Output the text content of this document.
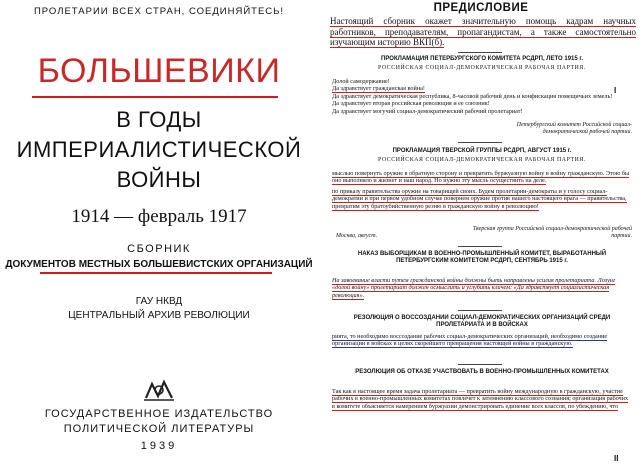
ПРОЛЕТАРИИ ВСЕХ СТРАН, СОЕДИНЯЙТЕСЬ!
БОЛЬШЕВИКИ
В ГОДЫ
ИМПЕРИАЛИСТИЧЕСКОЙ
ВОЙНЫ
1914 — февраль 1917
СБОРНИК
ДОКУМЕНТОВ МЕСТНЫХ БОЛЬШЕВИСТСКИХ ОРГАНИЗАЦИЙ
ГАУ НКВД
ЦЕНТРАЛЬНЫЙ АРХИВ РЕВОЛЮЦИИ
ГОСУДАРСТВЕННОЕ ИЗДАТЕЛЬСТВО
ПОЛИТИЧЕСКОЙ ЛИТЕРАТУРЫ
1939
ПРЕДИСЛОВИЕ
Настоящий сборник окажет значительную помощь кадрам научных работников, преподавателям, пропагандистам, а также самостоятельно изучающим историю ВКП(б).
ПРОКЛАМАЦИЯ ПЕТЕРБУРГСКОГО КОМИТЕТА РСДРП, ЛЕТО 1915 г.
РОССИЙСКАЯ СОЦИАЛ-ДЕМОКРАТИЧЕСКАЯ РАБОЧАЯ ПАРТИЯ.
Долой самодержавие!
Да здравствует гражданская война!
Да здравствует демократическая республика, 8-часовой рабочий день и конфискация помещичьих земель!
Да здравствует вторая российская революция и ее союзник!
Да здравствует могучий социал-демократический рабочий пролетариат!
Петербургский комитет Российской социал-демократической рабочей партии.
I
ПРОКЛАМАЦИЯ ТВЕРСКОЙ ГРУППЫ РСДРП, АВГУСТ 1915 г.
РОССИЙСКАЯ СОЦИАЛ-ДЕМОКРАТИЧЕСКАЯ РАБОЧАЯ ПАРТИЯ.
мыслью повернуть оружие в обратную сторону и превратить буржуазную войну в войну гражданскую. Этою бы оно выполняло и жизнет и наш народ. Но нужно эту мысль осуществить на деле.
по приказу правительства оружие на товарищей своих. Будем пролетарии-демократы и у голосу социал-демократии и при первом удобном случае повернем оружие против нашего настоящего врага — правительства, превратим эту братоубийственную резню в гражданскую войну в революцию!
Москва, август.
Тверская группа Российской социал-демократической рабочей партии.
НАКАЗ ВЫБОРЩИКАМ В ВОЕННО-ПРОМЫШЛЕННЫЙ КОМИТЕТ, ВЫРАБОТАННЫЙ ПЕТЕРБУРГСКИМ КОМИТЕТОМ РСДРП, СЕНТЯБРЬ 1915 г.
На завоевание власти путем гражданской войны должны быть направлены усилия пролетариата. Лозунг «долой войну» пролетариат должен осмыслить и углубить кличем: «Да здравствует социалистическая революция».
РЕЗОЛЮЦИЯ О ВОССОЗДАНИИ СОЦИАЛ-ДЕМОКРАТИЧЕСКИХ ОРГАНИЗАЦИЙ СРЕДИ ПРОЛЕТАРИАТА И В ВОЙСКАХ
рията, то необходимо воссоздание рабочих социал-демократических организаций, необходимо создание организации в войсках в целях скорейшего превращения настоящей войны в гражданскую.
РЕЗОЛЮЦИЯ ОБ ОТКАЗЕ УЧАСТВОВАТЬ В ВОЕННО-ПРОМЫШЛЕННЫХ КОМИТЕТАХ
Так как в настоящее время задача пролетариата — превратить войну международную в гражданскую, участие рабочих в военно-промышленных комитетах повлечет к затемнению классового сознания; организация рабочих в комитете объясняется намерением буржуазии демонстрировать единение всех классов, по убеждению, что
II
